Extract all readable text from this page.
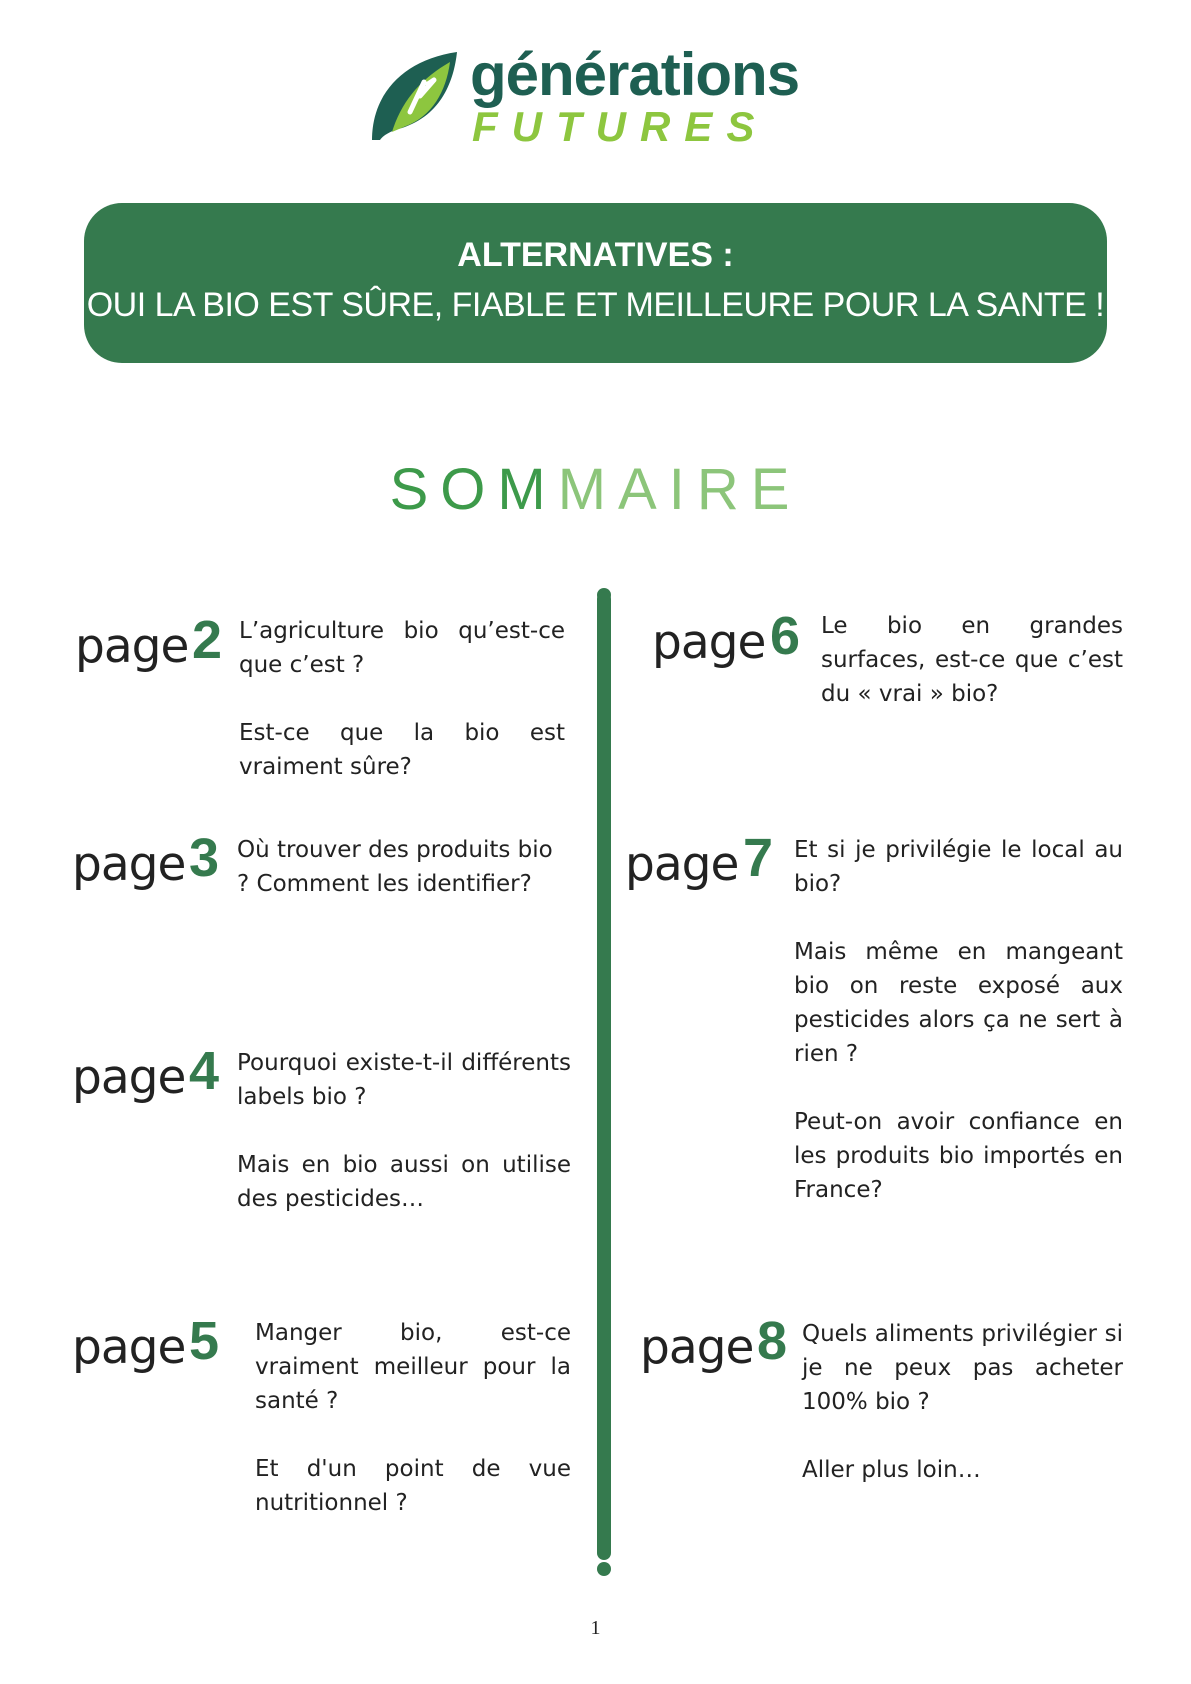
générations
FUTURES
ALTERNATIVES :
OUI LA BIO EST SÛRE, FIABLE ET MEILLEURE POUR LA SANTE !
SOMMAIRE
page 2 L’agriculture bio qu’est-ce que c’est ?

Est-ce que la bio est vraiment sûre?

page 3 Où trouver des produits bio ? Comment les identifier?

page 4 Pourquoi existe-t-il différents labels bio ?

Mais en bio aussi on utilise des pesticides…

page 5 Manger bio, est-ce vraiment meilleur pour la santé ?

Et d'un point de vue nutritionnel ?

page 6 Le bio en grandes surfaces, est-ce que c’est du « vrai » bio?

page 7 Et si je privilégie le local au bio?

Mais même en mangeant bio on reste exposé aux pesticides alors ça ne sert à rien ?

Peut-on avoir confiance en les produits bio importés en France?

page 8 Quels aliments privilégier si je ne peux pas acheter 100% bio ?

Aller plus loin…

1
